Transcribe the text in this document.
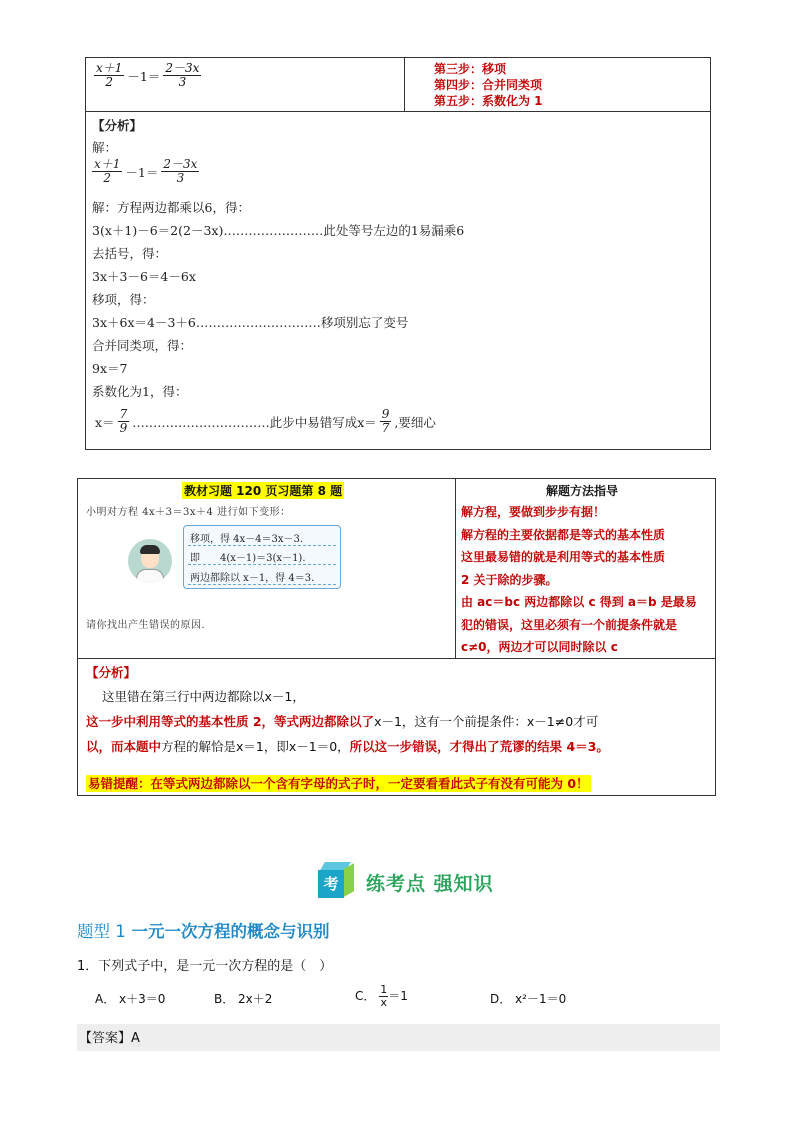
$\frac{x+1}{2} -1= \frac{2-3x}{3}$	第三步：移项
第四步：合并同类项
第五步：系数化为 1
【分析】
解：
$\frac{x+1}{2} -1= \frac{2-3x}{3}$
解：方程两边都乘以6，得：
3(x＋1)－6＝2(2－3x)……………………此处等号左边的1易漏乘6
去括号，得：
3x＋3－6＝4－6x
移项，得：
3x＋6x＝4－3＋6…………………………移项别忘了变号
合并同类项，得：
9x＝7
系数化为1，得：
$x= \frac{7}{9}$ ……………………………此步中易错写成$x= \frac{9}{7}$ ,要细心
教材习题 120 页习题第 8 题
小明对方程 4x＋3＝3x＋4 进行如下变形：
移项，得 4x－4＝3x－3.
即　　4(x－1)＝3(x－1).
两边都除以 x－1，得 4＝3.
请你找出产生错误的原因.
解题方法指导
解方程，要做到步步有据！
解方程的主要依据都是等式的基本性质
这里最易错的就是利用等式的基本性质
2 关于除的步骤。
由 ac＝bc 两边都除以 c 得到 a＝b 是最易
犯的错误，这里必须有一个前提条件就是
c≠0，两边才可以同时除以 c
【分析】
这里错在第三行中两边都除以x－1，
这一步中利用等式的基本性质 2，等式两边都除以了x－1，这有一个前提条件：x－1≠0才可
以，而本题中方程的解恰是x＝1，即x－1＝0，所以这一步错误，才得出了荒谬的结果 4＝3。
易错提醒：在等式两边都除以一个含有字母的式子时，一定要看看此式子有没有可能为 0！
考 练考点 强知识
题型 1 一元一次方程的概念与识别
1．下列式子中，是一元一次方程的是（　）
A． x＋3＝0	B． 2x＋2	C． $\frac{1}{x}=1$	D． x²－1＝0
【答案】A
